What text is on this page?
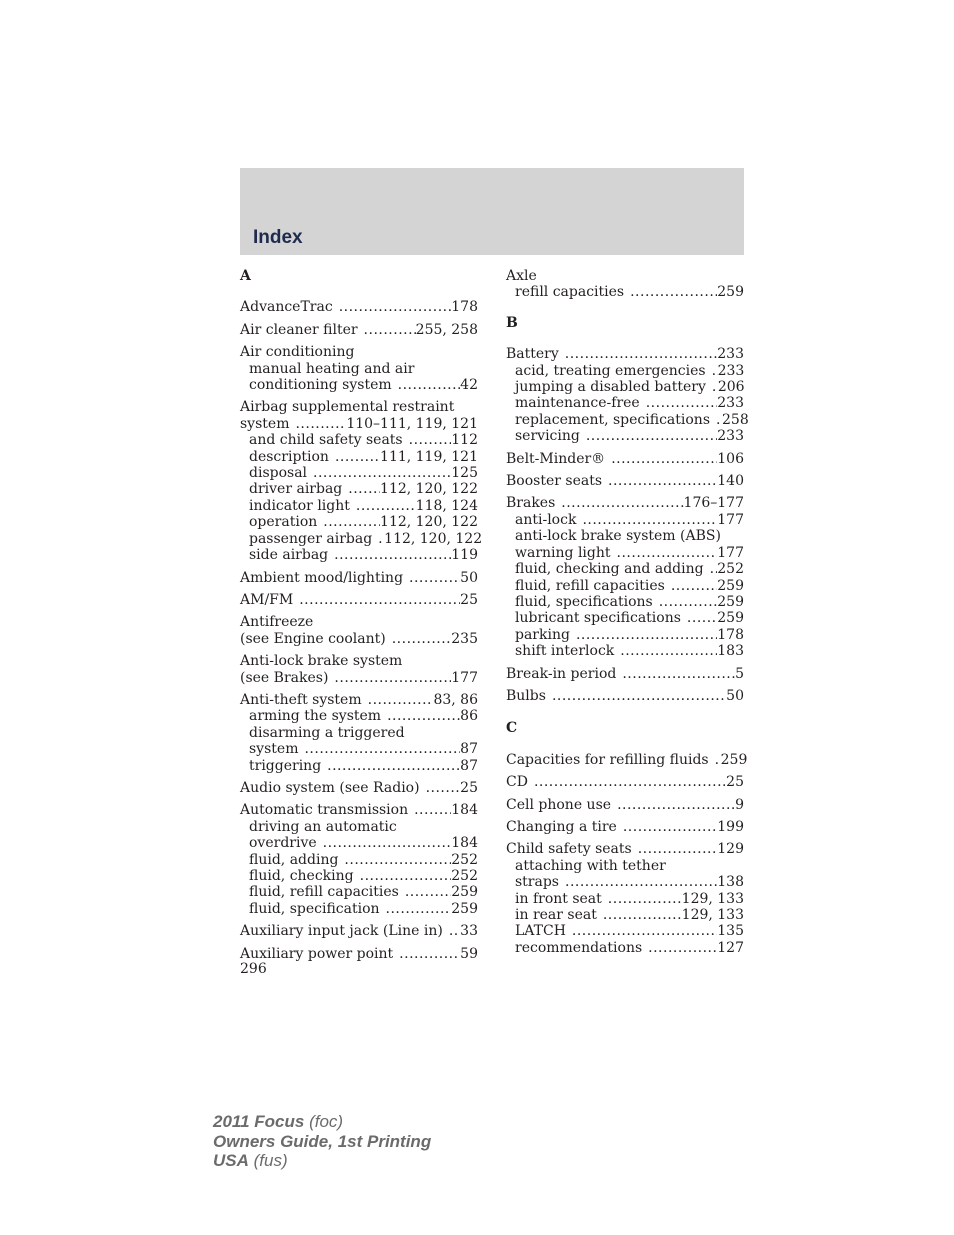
Index
A
AdvanceTrac .....	178
Air cleaner filter .....	255, 258
Air conditioning
manual heating and air
conditioning system .....	42
Airbag supplemental restraint
system .....	110–111, 119, 121
and child safety seats .....	112
description .....	111, 119, 121
disposal .....	125
driver airbag .....	112, 120, 122
indicator light .....	118, 124
operation .....	112, 120, 122
passenger airbag ..... 112, 120, 122
side airbag .....	119
Ambient mood/lighting .....	50
AM/FM .....	25
Antifreeze
(see Engine coolant) .....	235
Anti-lock brake system
(see Brakes) .....	177
Anti-theft system .....	83, 86
arming the system .....	86
disarming a triggered
system .....	87
triggering .....	87
Audio system (see Radio) .....	25
Automatic transmission .....	184
driving an automatic
overdrive .....	184
fluid, adding .....	252
fluid, checking .....	252
fluid, refill capacities .....	259
fluid, specification .....	259
Auxiliary input jack (Line in) ..... 33
Auxiliary power point .....	59
Axle
refill capacities .....	259
B
Battery .....	233
acid, treating emergencies ..... 233
jumping a disabled battery ..... 206
maintenance-free .....	233
replacement, specifications ..... 258
servicing .....	233
Belt-Minder® .....	106
Booster seats .....	140
Brakes .....	176–177
anti-lock .....	177
anti-lock brake system (ABS)
warning light .....	177
fluid, checking and adding ..... 252
fluid, refill capacities .....	259
fluid, specifications .....	259
lubricant specifications .....	259
parking .....	178
shift interlock .....	183
Break-in period .....	5
Bulbs .....	50
C
Capacities for refilling fluids ..... 259
CD .....	25
Cell phone use .....	9
Changing a tire .....	199
Child safety seats .....	129
attaching with tether
straps .....	138
in front seat .....	129, 133
in rear seat .....	129, 133
LATCH .....	135
recommendations .....	127
296
2011 Focus (foc)
Owners Guide, 1st Printing
USA (fus)
